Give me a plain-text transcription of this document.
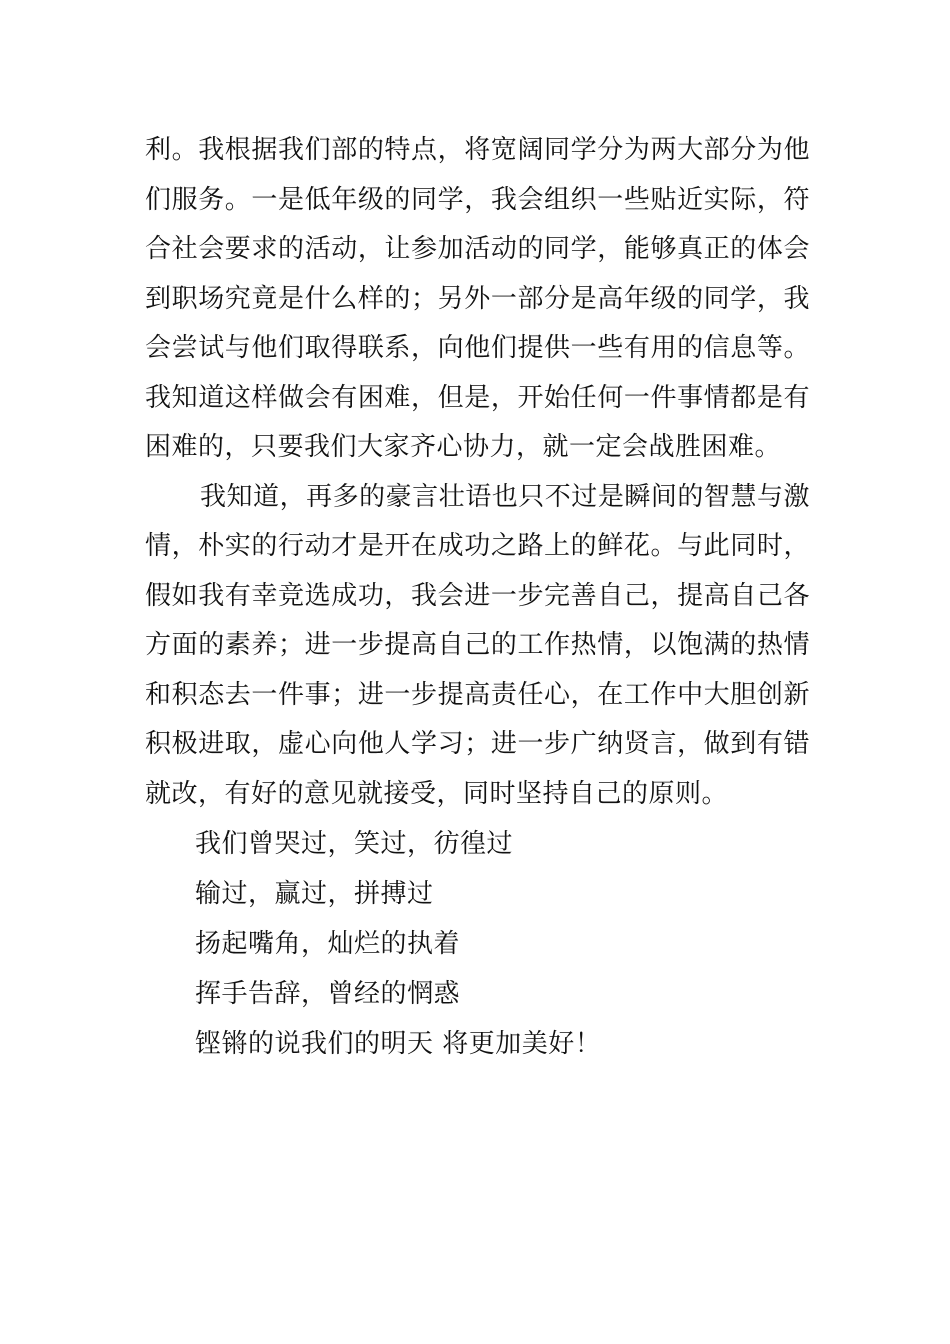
利。我根据我们部的特点，将宽阔同学分为两大部分为他
们服务。一是低年级的同学，我会组织一些贴近实际，符
合社会要求的活动，让参加活动的同学，能够真正的体会
到职场究竟是什么样的；另外一部分是高年级的同学，我
会尝试与他们取得联系，向他们提供一些有用的信息等。
我知道这样做会有困难，但是，开始任何一件事情都是有
困难的，只要我们大家齐心协力，就一定会战胜困难。
我知道，再多的豪言壮语也只不过是瞬间的智慧与激
情，朴实的行动才是开在成功之路上的鲜花。与此同时，
假如我有幸竞选成功，我会进一步完善自己，提高自己各
方面的素养；进一步提高自己的工作热情，以饱满的热情
和积态去一件事；进一步提高责任心，在工作中大胆创新
积极进取，虚心向他人学习；进一步广纳贤言，做到有错
就改，有好的意见就接受，同时坚持自己的原则。
我们曾哭过，笑过，彷徨过
输过，赢过，拼搏过
扬起嘴角，灿烂的执着
挥手告辞，曾经的惘惑
铿锵的说我们的明天 将更加美好！
